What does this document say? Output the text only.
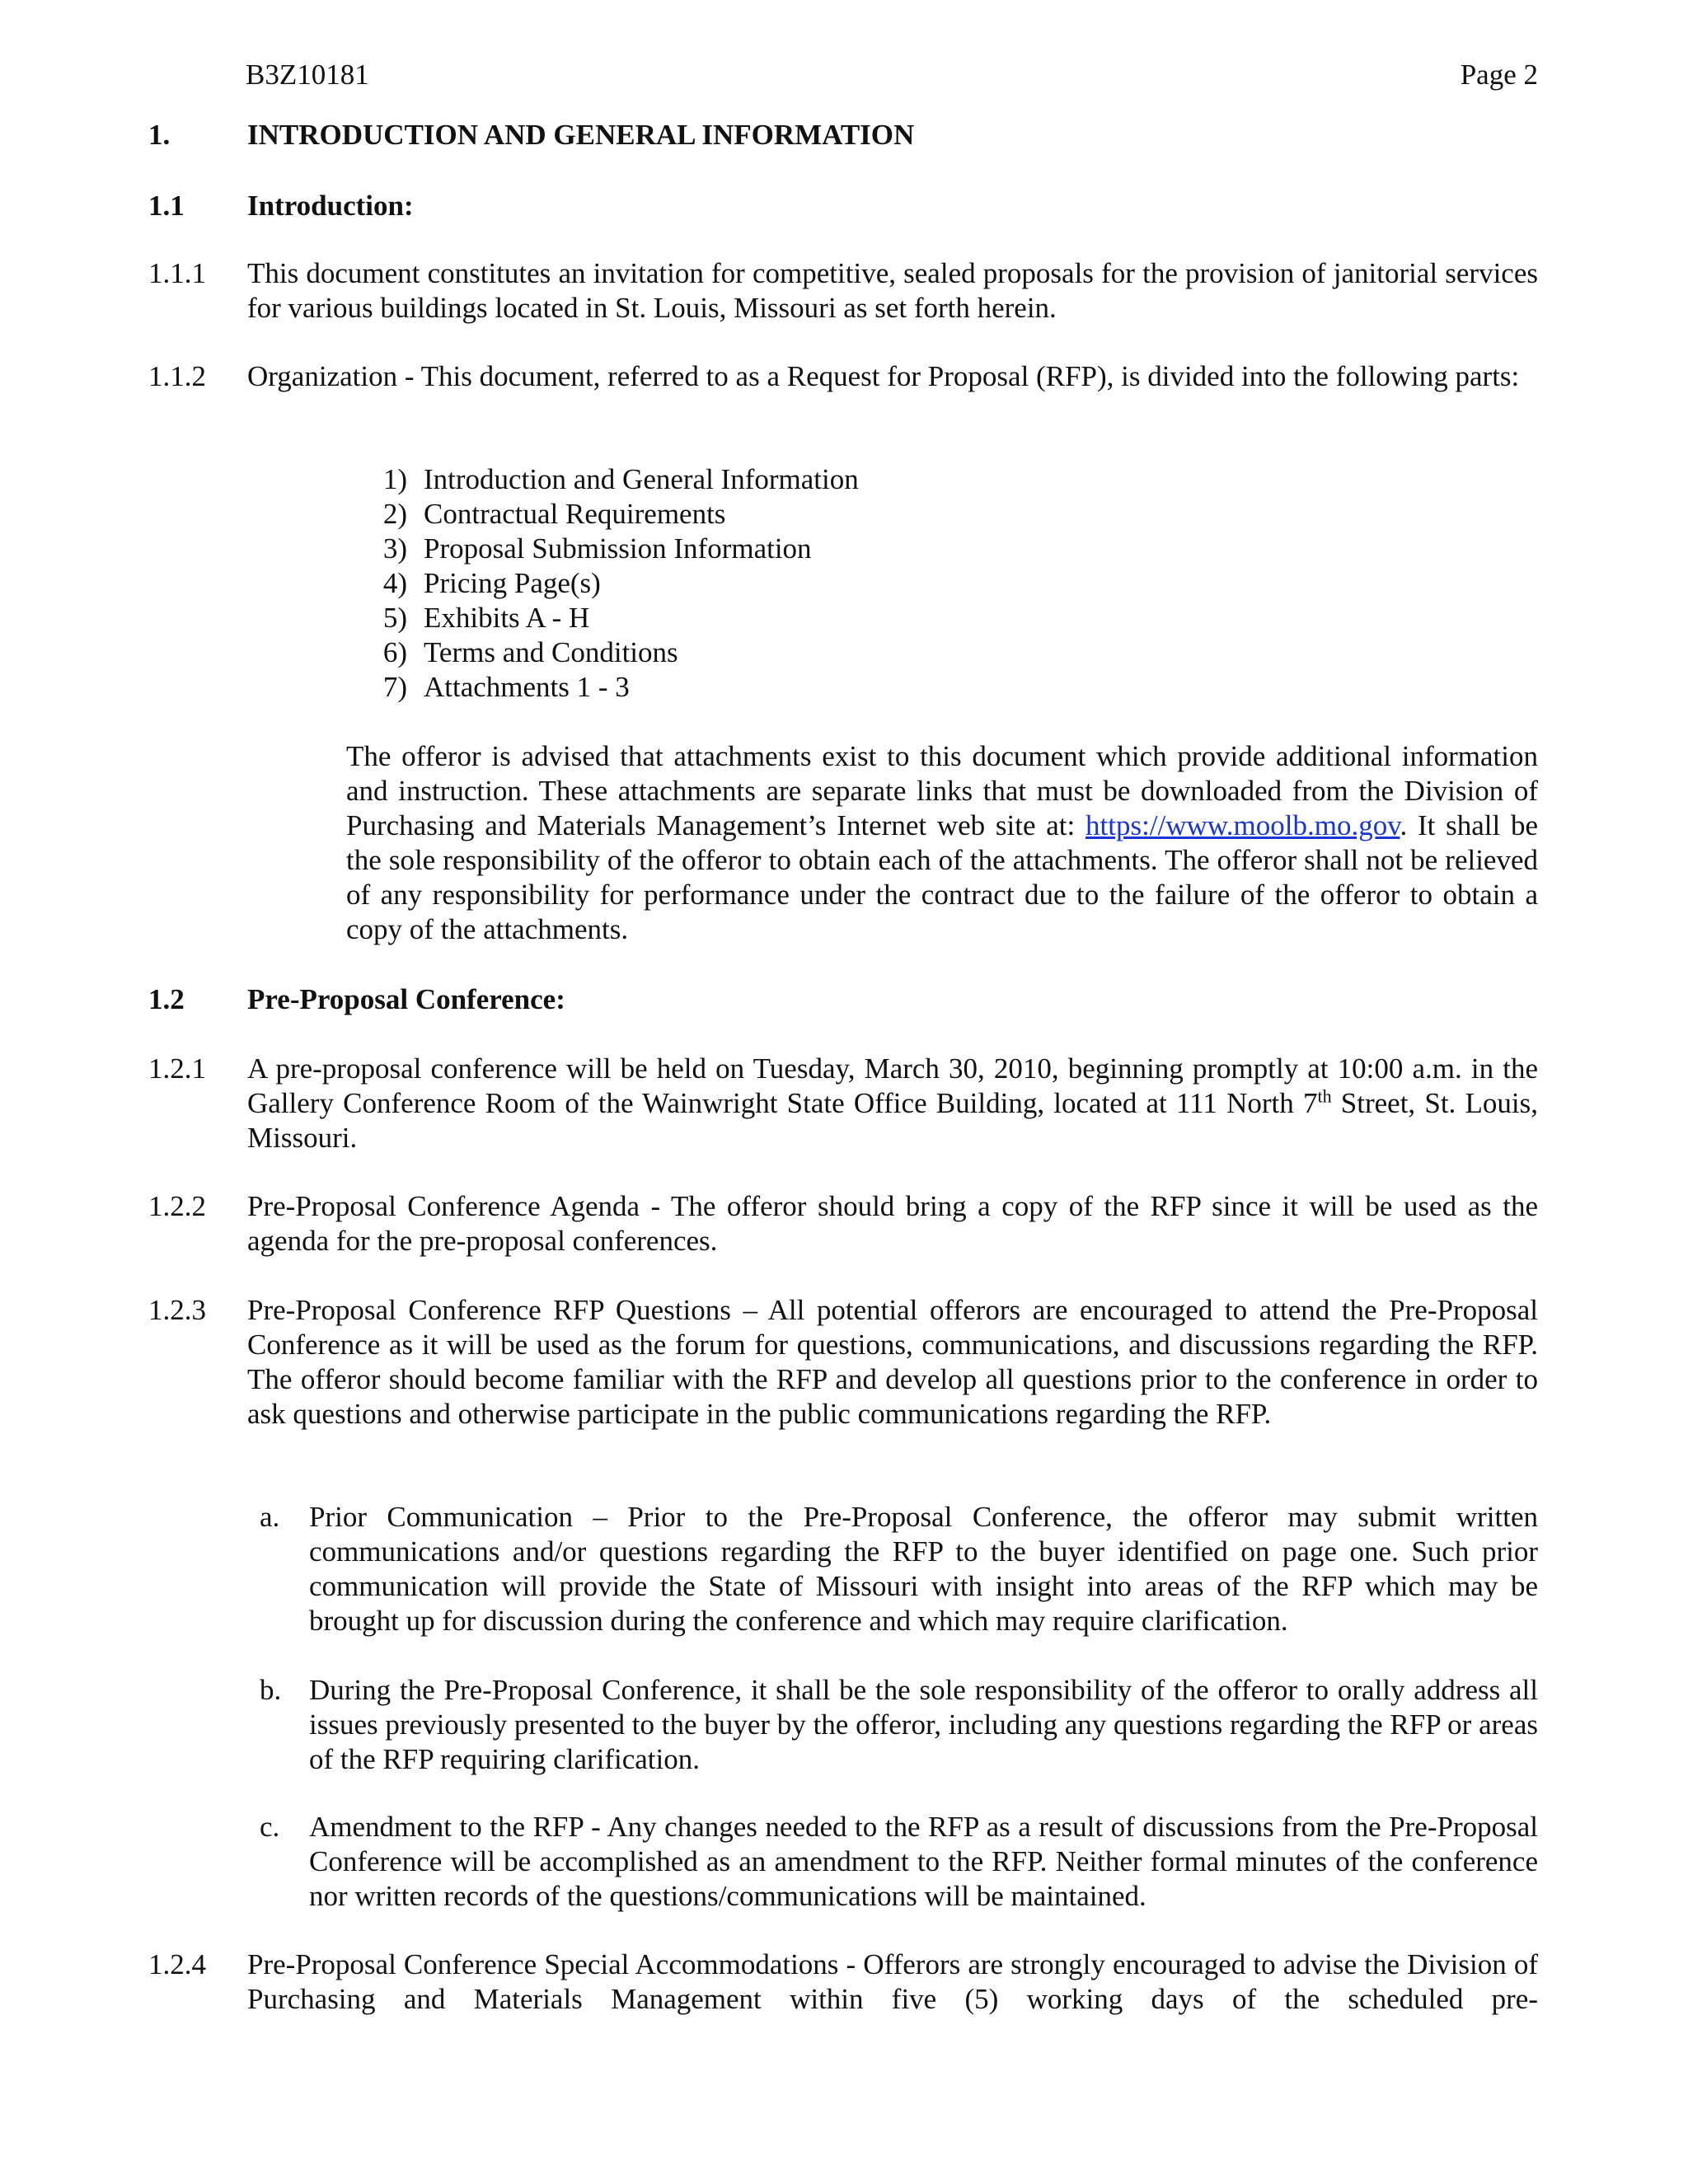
B3Z10181	Page 2
1.	INTRODUCTION AND GENERAL INFORMATION
1.1 Introduction:
1.1.1 This document constitutes an invitation for competitive, sealed proposals for the provision of janitorial services for various buildings located in St. Louis, Missouri as set forth herein.
1.1.2 Organization - This document, referred to as a Request for Proposal (RFP), is divided into the following parts:
1) Introduction and General Information
2) Contractual Requirements
3) Proposal Submission Information
4) Pricing Page(s)
5) Exhibits A - H
6) Terms and Conditions
7) Attachments 1 - 3
The offeror is advised that attachments exist to this document which provide additional information and instruction. These attachments are separate links that must be downloaded from the Division of Purchasing and Materials Management’s Internet web site at: https://www.moolb.mo.gov. It shall be the sole responsibility of the offeror to obtain each of the attachments. The offeror shall not be relieved of any responsibility for performance under the contract due to the failure of the offeror to obtain a copy of the attachments.
1.2 Pre-Proposal Conference:
1.2.1 A pre-proposal conference will be held on Tuesday, March 30, 2010, beginning promptly at 10:00 a.m. in the Gallery Conference Room of the Wainwright State Office Building, located at 111 North 7th Street, St. Louis, Missouri.
1.2.2 Pre-Proposal Conference Agenda - The offeror should bring a copy of the RFP since it will be used as the agenda for the pre-proposal conferences.
1.2.3 Pre-Proposal Conference RFP Questions – All potential offerors are encouraged to attend the Pre-Proposal Conference as it will be used as the forum for questions, communications, and discussions regarding the RFP. The offeror should become familiar with the RFP and develop all questions prior to the conference in order to ask questions and otherwise participate in the public communications regarding the RFP.
a. Prior Communication – Prior to the Pre-Proposal Conference, the offeror may submit written communications and/or questions regarding the RFP to the buyer identified on page one. Such prior communication will provide the State of Missouri with insight into areas of the RFP which may be brought up for discussion during the conference and which may require clarification.
b. During the Pre-Proposal Conference, it shall be the sole responsibility of the offeror to orally address all issues previously presented to the buyer by the offeror, including any questions regarding the RFP or areas of the RFP requiring clarification.
c. Amendment to the RFP - Any changes needed to the RFP as a result of discussions from the Pre-Proposal Conference will be accomplished as an amendment to the RFP. Neither formal minutes of the conference nor written records of the questions/communications will be maintained.
1.2.4 Pre-Proposal Conference Special Accommodations - Offerors are strongly encouraged to advise the Division of Purchasing and Materials Management within five (5) working days of the scheduled pre-
